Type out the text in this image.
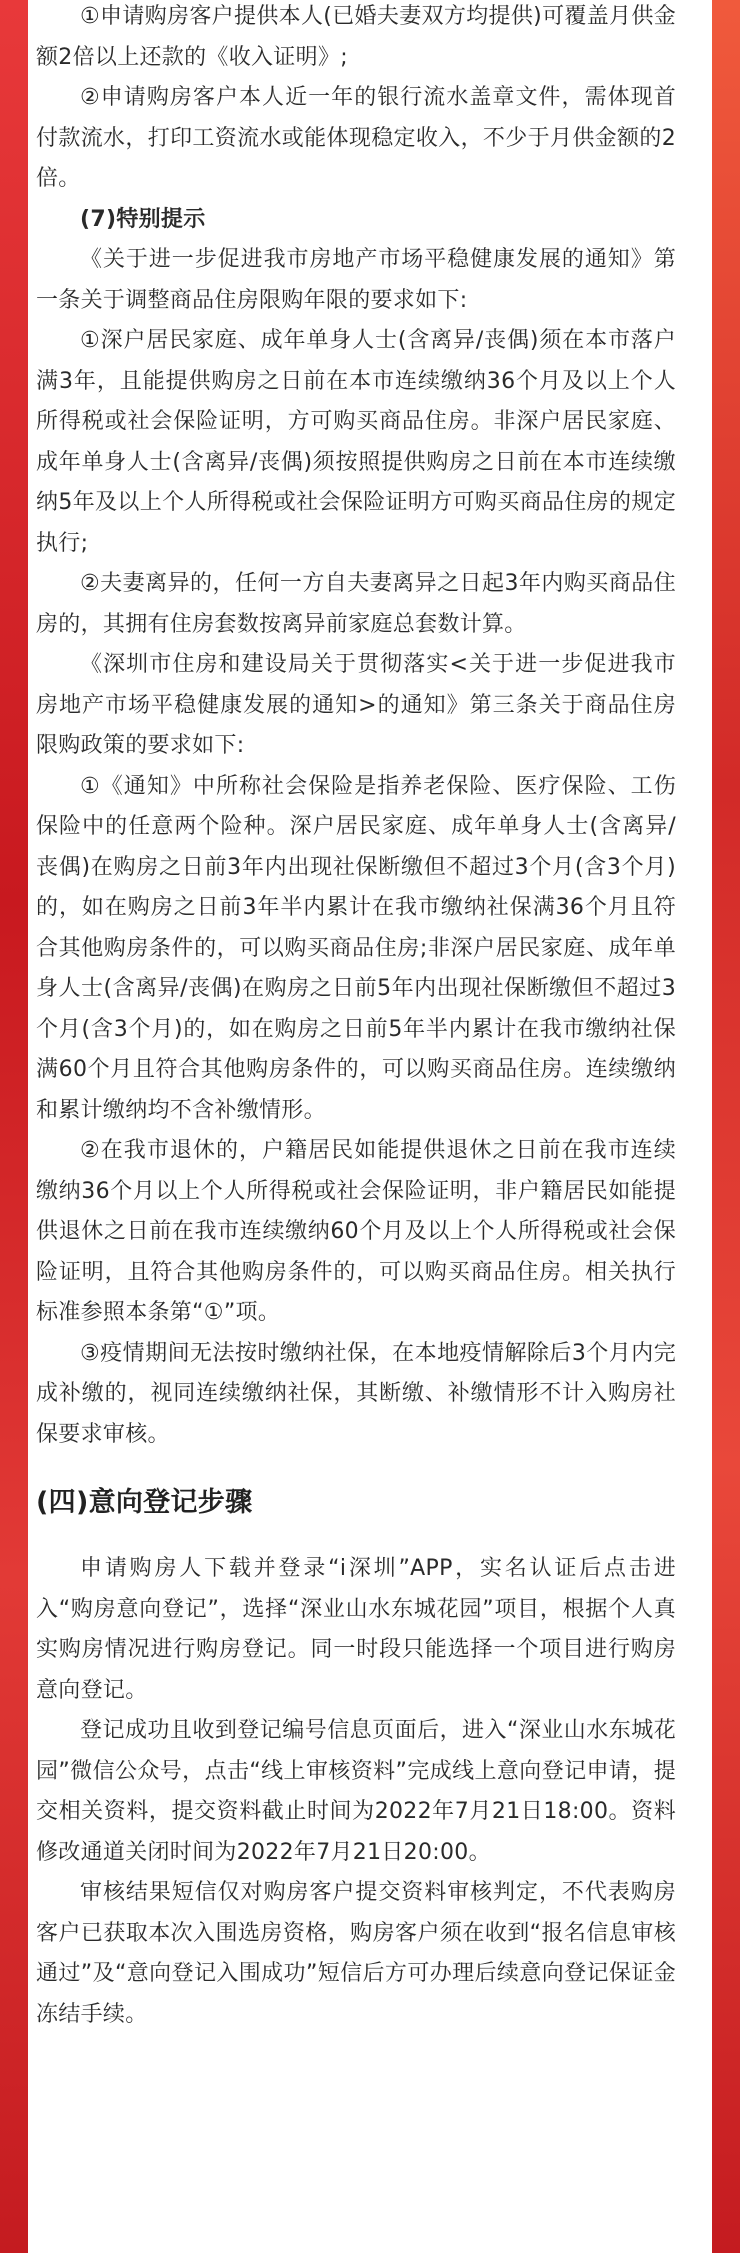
①申请购房客户提供本人(已婚夫妻双方均提供)可覆盖月供金额2倍以上还款的《收入证明》;

②申请购房客户本人近一年的银行流水盖章文件，需体现首付款流水，打印工资流水或能体现稳定收入，不少于月供金额的2倍。

(7)特别提示

《关于进一步促进我市房地产市场平稳健康发展的通知》第一条关于调整商品住房限购年限的要求如下:

①深户居民家庭、成年单身人士(含离异/丧偶)须在本市落户满3年，且能提供购房之日前在本市连续缴纳36个月及以上个人所得税或社会保险证明，方可购买商品住房。非深户居民家庭、成年单身人士(含离异/丧偶)须按照提供购房之日前在本市连续缴纳5年及以上个人所得税或社会保险证明方可购买商品住房的规定执行;

②夫妻离异的，任何一方自夫妻离异之日起3年内购买商品住房的，其拥有住房套数按离异前家庭总套数计算。

《深圳市住房和建设局关于贯彻落实<关于进一步促进我市房地产市场平稳健康发展的通知>的通知》第三条关于商品住房限购政策的要求如下:

①《通知》中所称社会保险是指养老保险、医疗保险、工伤保险中的任意两个险种。深户居民家庭、成年单身人士(含离异/丧偶)在购房之日前3年内出现社保断缴但不超过3个月(含3个月)的，如在购房之日前3年半内累计在我市缴纳社保满36个月且符合其他购房条件的，可以购买商品住房;非深户居民家庭、成年单身人士(含离异/丧偶)在购房之日前5年内出现社保断缴但不超过3个月(含3个月)的，如在购房之日前5年半内累计在我市缴纳社保满60个月且符合其他购房条件的，可以购买商品住房。连续缴纳和累计缴纳均不含补缴情形。

②在我市退休的，户籍居民如能提供退休之日前在我市连续缴纳36个月以上个人所得税或社会保险证明，非户籍居民如能提供退休之日前在我市连续缴纳60个月及以上个人所得税或社会保险证明，且符合其他购房条件的，可以购买商品住房。相关执行标准参照本条第“①”项。

③疫情期间无法按时缴纳社保，在本地疫情解除后3个月内完成补缴的，视同连续缴纳社保，其断缴、补缴情形不计入购房社保要求审核。

(四)意向登记步骤

申请购房人下载并登录“i深圳”APP，实名认证后点击进入“购房意向登记”，选择“深业山水东城花园”项目，根据个人真实购房情况进行购房登记。同一时段只能选择一个项目进行购房意向登记。

登记成功且收到登记编号信息页面后，进入“深业山水东城花园”微信公众号，点击“线上审核资料”完成线上意向登记申请，提交相关资料，提交资料截止时间为2022年7月21日18:00。资料修改通道关闭时间为2022年7月21日20:00。

审核结果短信仅对购房客户提交资料审核判定，不代表购房客户已获取本次入围选房资格，购房客户须在收到“报名信息审核通过”及“意向登记入围成功”短信后方可办理后续意向登记保证金冻结手续。
